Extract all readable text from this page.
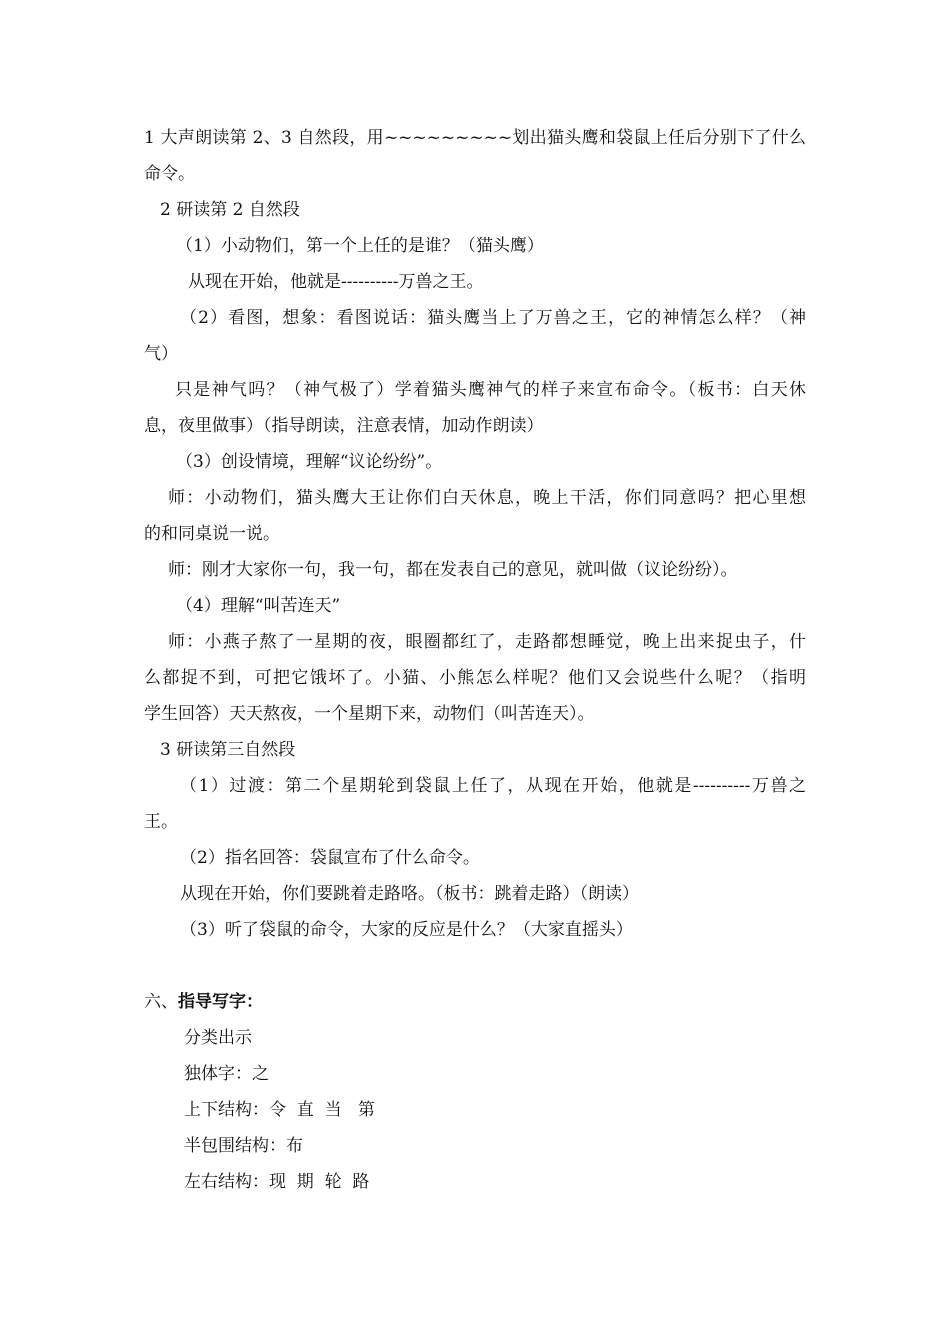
1 大声朗读第 2、3 自然段，用~~~~~~~~~划出猫头鹰和袋鼠上任后分别下了什么
命令。
2 研读第 2 自然段
（1）小动物们，第一个上任的是谁？（猫头鹰）
从现在开始，他就是----------万兽之王。
（2）看图，想象：看图说话：猫头鹰当上了万兽之王，它的神情怎么样？（神
气）
只是神气吗？（神气极了）学着猫头鹰神气的样子来宣布命令。（板书：白天休
息，夜里做事）（指导朗读，注意表情，加动作朗读）
（3）创设情境，理解“议论纷纷”。
师：小动物们，猫头鹰大王让你们白天休息，晚上干活，你们同意吗？把心里想
的和同桌说一说。
师：刚才大家你一句，我一句，都在发表自己的意见，就叫做（议论纷纷）。
（4）理解“叫苦连天”
师：小燕子熬了一星期的夜，眼圈都红了，走路都想睡觉，晚上出来捉虫子，什
么都捉不到，可把它饿坏了。小猫、小熊怎么样呢？他们又会说些什么呢？（指明
学生回答）天天熬夜，一个星期下来，动物们（叫苦连天）。
3 研读第三自然段
（1）过渡：第二个星期轮到袋鼠上任了，从现在开始，他就是----------万兽之
王。
（2）指名回答：袋鼠宣布了什么命令。
从现在开始，你们要跳着走路咯。（板书：跳着走路）（朗读）
（3）听了袋鼠的命令，大家的反应是什么？（大家直摇头）
六、指导写字：
分类出示
独体字：之
上下结构：令  直  当   第
半包围结构：布
左右结构：现  期  轮  路
